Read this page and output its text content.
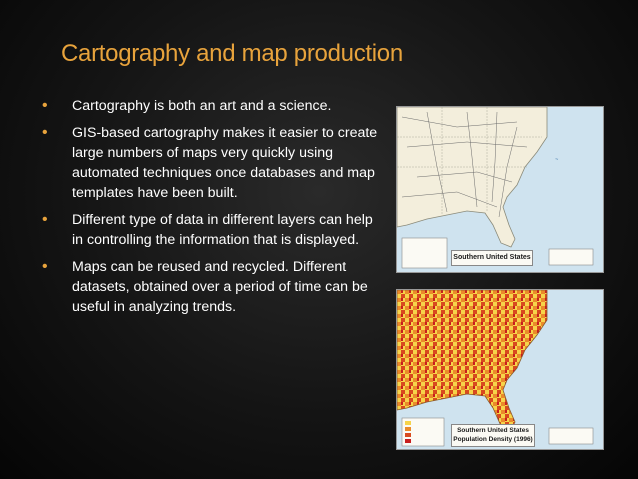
Cartography and map production
• Cartography is both an art and a science.
• GIS-based cartography makes it easier to create large numbers of maps very quickly using automated techniques once databases and map templates have been built.
• Different type of data in different layers can help in controlling the information that is displayed.
• Maps can be reused and recycled. Different datasets, obtained over a period of time can be useful in analyzing trends.
~
Southern United States
Southern United States
Population Density (1996)
